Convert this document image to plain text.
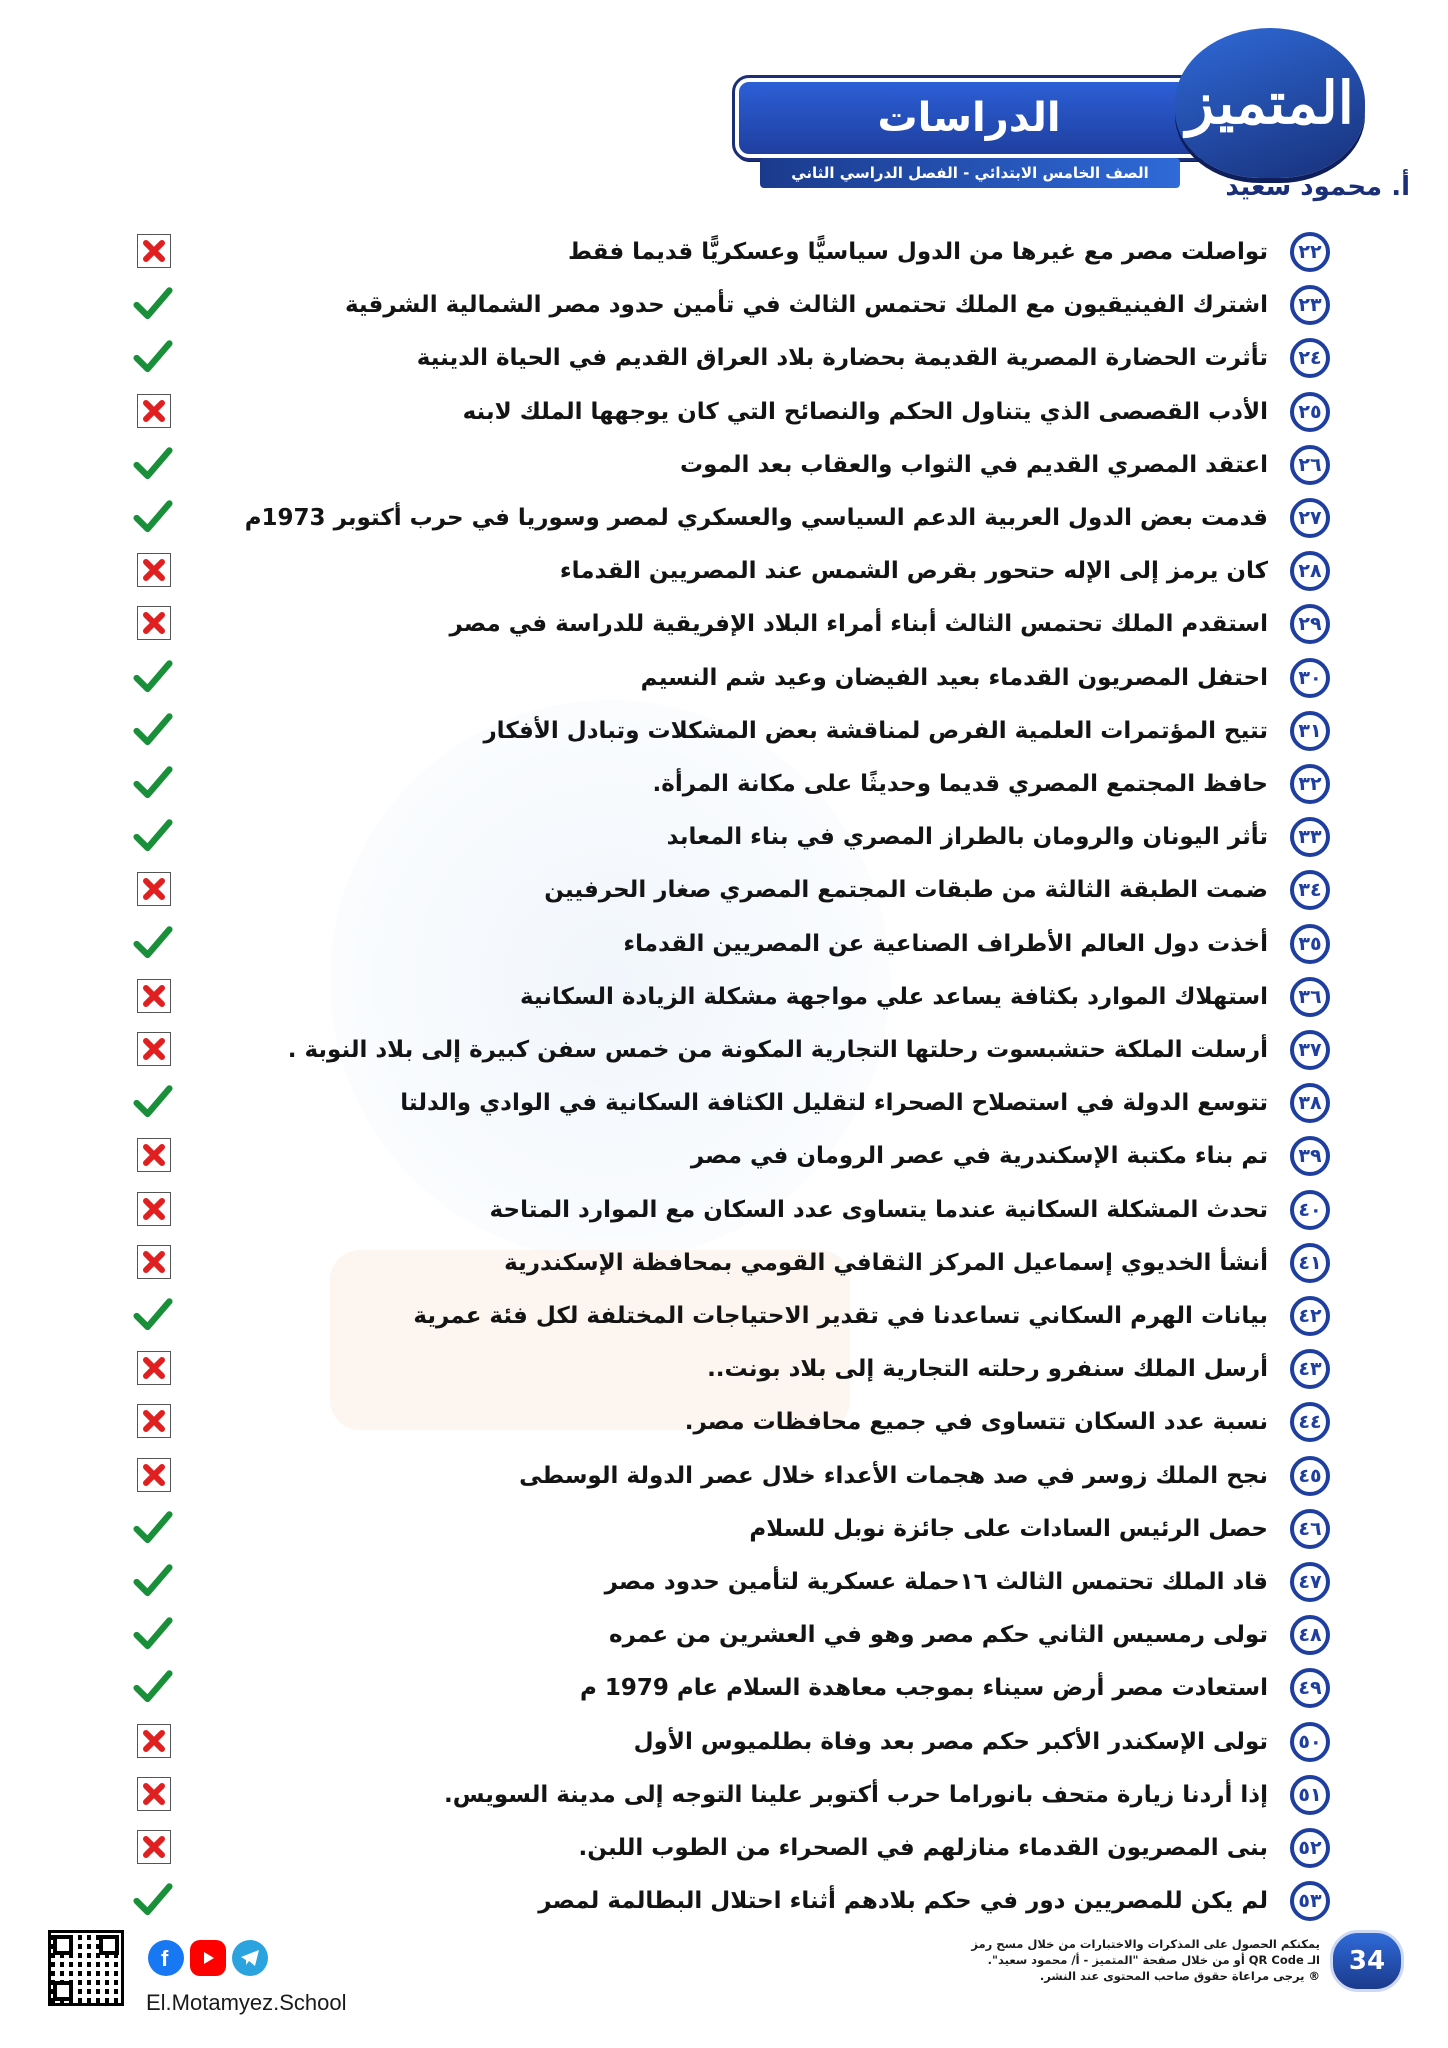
الدراسات
الصف الخامس الابتدائي - الفصل الدراسي الثاني
المتميز
أ. محمود سعيد
٢٢
تواصلت مصر مع غيرها من الدول سياسيًّا وعسكريًّا قديما فقط
٢٣
اشترك الفينيقيون مع الملك تحتمس الثالث في تأمين حدود مصر الشمالية الشرقية
٢٤
تأثرت الحضارة المصرية القديمة بحضارة بلاد العراق القديم في الحياة الدينية
٢٥
الأدب القصصى الذي يتناول الحكم والنصائح التي كان يوجهها الملك لابنه
٢٦
اعتقد المصري القديم في الثواب والعقاب بعد الموت
٢٧
قدمت بعض الدول العربية الدعم السياسي والعسكري لمصر وسوريا في حرب أكتوبر 1973م
٢٨
كان يرمز إلى الإله حتحور بقرص الشمس عند المصريين القدماء
٢٩
استقدم الملك تحتمس الثالث أبناء أمراء البلاد الإفريقية للدراسة في مصر
٣٠
احتفل المصريون القدماء بعيد الفيضان وعيد شم النسيم
٣١
تتيح المؤتمرات العلمية الفرص لمناقشة بعض المشكلات وتبادل الأفكار
٣٢
حافظ المجتمع المصري قديما وحديثًا على مكانة المرأة.
٣٣
تأثر اليونان والرومان بالطراز المصري في بناء المعابد
٣٤
ضمت الطبقة الثالثة من طبقات المجتمع المصري صغار الحرفيين
٣٥
أخذت دول العالم الأطراف الصناعية عن المصريين القدماء
٣٦
استهلاك الموارد بكثافة يساعد علي مواجهة مشكلة الزيادة السكانية
٣٧
أرسلت الملكة حتشبسوت رحلتها التجارية المكونة من خمس سفن كبيرة إلى بلاد النوبة .
٣٨
تتوسع الدولة في استصلاح الصحراء لتقليل الكثافة السكانية في الوادي والدلتا
٣٩
تم بناء مكتبة الإسكندرية في عصر الرومان في مصر
٤٠
تحدث المشكلة السكانية عندما يتساوى عدد السكان مع الموارد المتاحة
٤١
أنشأ الخديوي إسماعيل المركز الثقافي القومي بمحافظة الإسكندرية
٤٢
بيانات الهرم السكاني تساعدنا في تقدير الاحتياجات المختلفة لكل فئة عمرية
٤٣
أرسل الملك سنفرو رحلته التجارية إلى بلاد بونت..
٤٤
نسبة عدد السكان تتساوى في جميع محافظات مصر.
٤٥
نجح الملك زوسر في صد هجمات الأعداء خلال عصر الدولة الوسطى
٤٦
حصل الرئيس السادات على جائزة نوبل للسلام
٤٧
قاد الملك تحتمس الثالث ١٦حملة عسكرية لتأمين حدود مصر
٤٨
تولى رمسيس الثاني حكم مصر وهو في العشرين من عمره
٤٩
استعادت مصر أرض سيناء بموجب معاهدة السلام عام 1979 م
٥٠
تولى الإسكندر الأكبر حكم مصر بعد وفاة بطلميوس الأول
٥١
إذا أردنا زيارة متحف بانوراما حرب أكتوبر علينا التوجه إلى مدينة السويس.
٥٢
بنى المصريون القدماء منازلهم في الصحراء من الطوب اللبن.
٥٣
لم يكن للمصريين دور في حكم بلادهم أثناء احتلال البطالمة لمصر
34
يمكنكم الحصول على المذكرات والاختبارات من خلال مسح رمز
الـ QR Code أو من خلال صفحة "المتميز - أ/ محمود سعيد".
® يرجى مراعاة حقوق صاحب المحتوى عند النشر.
f
El.Motamyez.School
